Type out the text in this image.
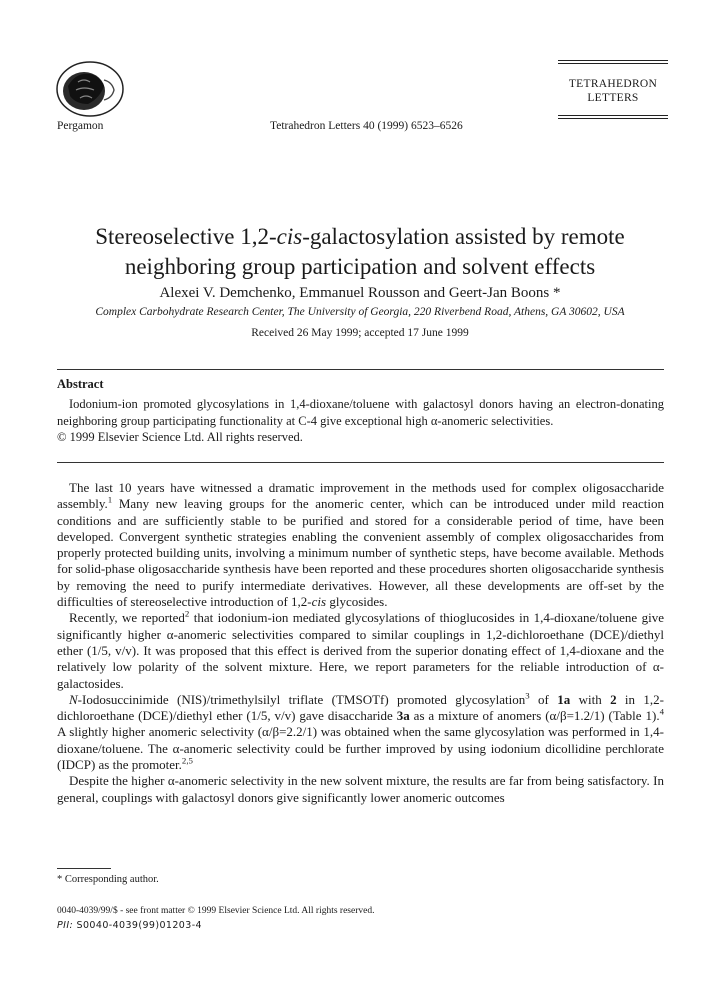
Pergamon	Tetrahedron Letters 40 (1999) 6523–6526
TETRAHEDRON
LETTERS
Stereoselective 1,2-cis-galactosylation assisted by remote neighboring group participation and solvent effects
Alexei V. Demchenko, Emmanuel Rousson and Geert-Jan Boons *
Complex Carbohydrate Research Center, The University of Georgia, 220 Riverbend Road, Athens, GA 30602, USA
Received 26 May 1999; accepted 17 June 1999
Abstract

Iodonium-ion promoted glycosylations in 1,4-dioxane/toluene with galactosyl donors having an electron-donating neighboring group participating functionality at C-4 give exceptional high α-anomeric selectivities.

© 1999 Elsevier Science Ltd. All rights reserved.

The last 10 years have witnessed a dramatic improvement in the methods used for complex oligosaccharide assembly.$^1$ Many new leaving groups for the anomeric center, which can be introduced under mild reaction conditions and are sufficiently stable to be purified and stored for a considerable period of time, have been developed. Convergent synthetic strategies enabling the convenient assembly of complex oligosaccharides from properly protected building units, involving a minimum number of synthetic steps, have become available. Methods for solid-phase oligosaccharide synthesis have been reported and these procedures shorten oligosaccharide synthesis by removing the need to purify intermediate derivatives. However, all these developments are off-set by the difficulties of stereoselective introduction of 1,2-cis glycosides.

Recently, we reported$^2$ that iodonium-ion mediated glycosylations of thioglucosides in 1,4-dioxane/toluene give significantly higher α-anomeric selectivities compared to similar couplings in 1,2-dichloroethane (DCE)/diethyl ether (1/5, v/v). It was proposed that this effect is derived from the superior donating effect of 1,4-dioxane and the relatively low polarity of the solvent mixture. Here, we report parameters for the reliable introduction of α-galactosides.

N-Iodosuccinimide (NIS)/trimethylsilyl triflate (TMSOTf) promoted glycosylation$^3$ of 1a with 2 in 1,2-dichloroethane (DCE)/diethyl ether (1/5, v/v) gave disaccharide 3a as a mixture of anomers (α/β=1.2/1) (Table 1).$^4$ A slightly higher anomeric selectivity (α/β=2.2/1) was obtained when the same glycosylation was performed in 1,4-dioxane/toluene. The α-anomeric selectivity could be further improved by using iodonium dicollidine perchlorate (IDCP) as the promoter.$^{2,5}$

Despite the higher α-anomeric selectivity in the new solvent mixture, the results are far from being satisfactory. In general, couplings with galactosyl donors give significantly lower anomeric outcomes

* Corresponding author.
0040-4039/99/$ - see front matter © 1999 Elsevier Science Ltd. All rights reserved.
PII: S0040-4039(99)01203-4
